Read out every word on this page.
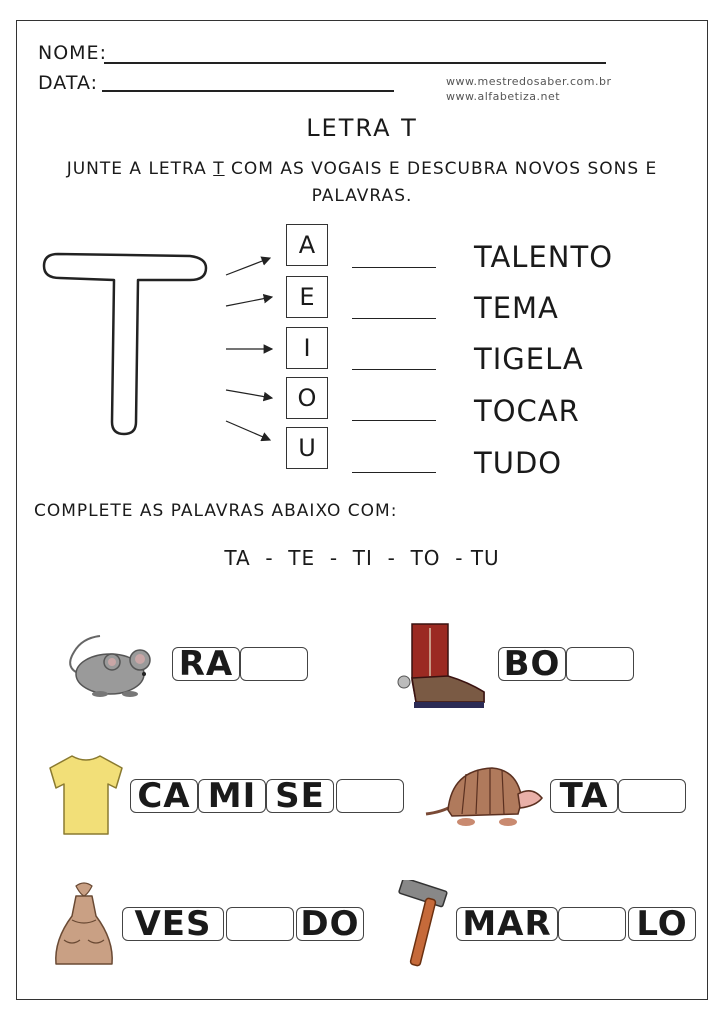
NOME:
DATA:	www.mestredosaber.com.br
www.alfabetiza.net
LETRA T
JUNTE A LETRA T COM AS VOGAIS E DESCUBRA NOVOS SONS E
PALAVRAS.
A
E
I
O
U
TALENTO
TEMA
TIGELA
TOCAR
TUDO
COMPLETE AS PALAVRAS ABAIXO COM:
TA  -  TE  -  TI  -  TO  - TU
RA	BO
CA MI SE	TA
VES	DO	MAR LO
